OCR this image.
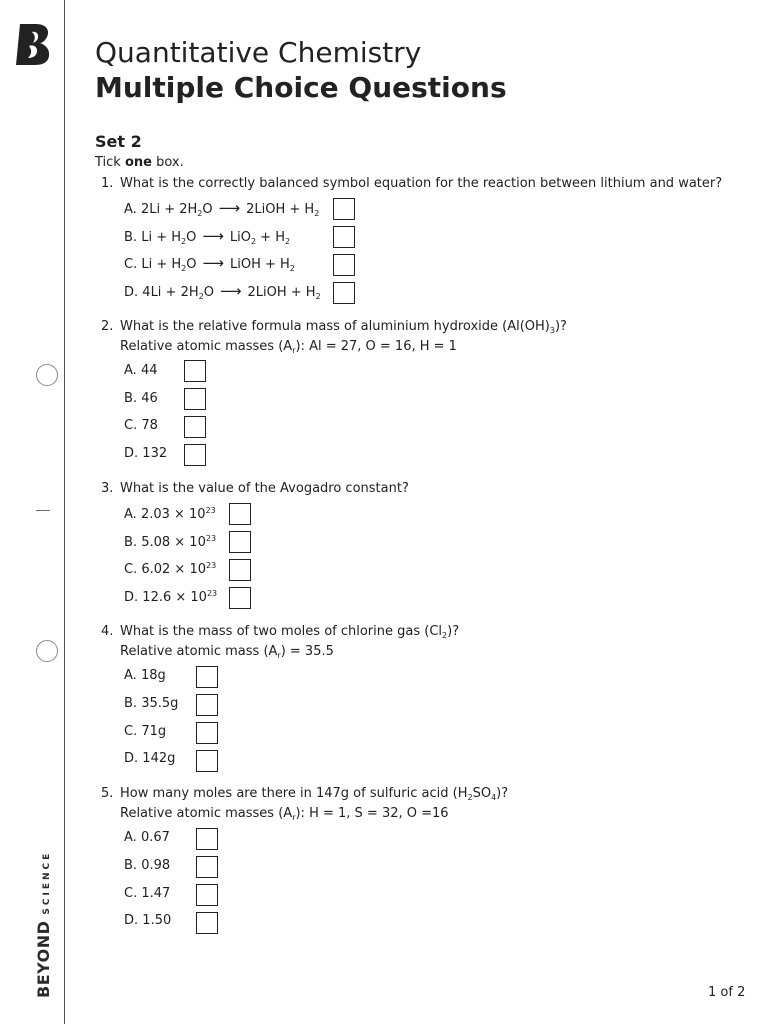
BEYONDSCIENCE
Quantitative Chemistry
Multiple Choice Questions
Set 2
Tick one box.
1. What is the correctly balanced symbol equation for the reaction between lithium and water?
A. $2Li + 2H_2O$ ⟶ 2LiOH + $H_2$
B. $Li + H_2O$ ⟶ $LiO_2 + H_2$
C. $Li + H_2O$ ⟶ LiOH + $H_2$
D. $4Li + 2H_2O$ ⟶ 2LiOH + $H_2$
2. What is the relative formula mass of aluminium hydroxide $(Al(OH)_3)$?
Relative atomic masses $(A_r)$: Al = 27, O = 16, H = 1
A. 44
B. 46
C. 78
D. 132
3. What is the value of the Avogadro constant?
A. $2.03 \times 10^{23}$
B. $5.08 \times 10^{23}$
C. $6.02 \times 10^{23}$
D. $12.6 \times 10^{23}$
4. What is the mass of two moles of chlorine gas $(Cl_2)$?
Relative atomic mass $(A_r) = 35.5$
A. 18g
B. 35.5g
C. 71g
D. 142g
5. How many moles are there in 147g of sulfuric acid $(H_2SO_4)$?
Relative atomic masses $(A_r)$: H = 1, S = 32, O =16
A. 0.67
B. 0.98
C. 1.47
D. 1.50
1 of 2
